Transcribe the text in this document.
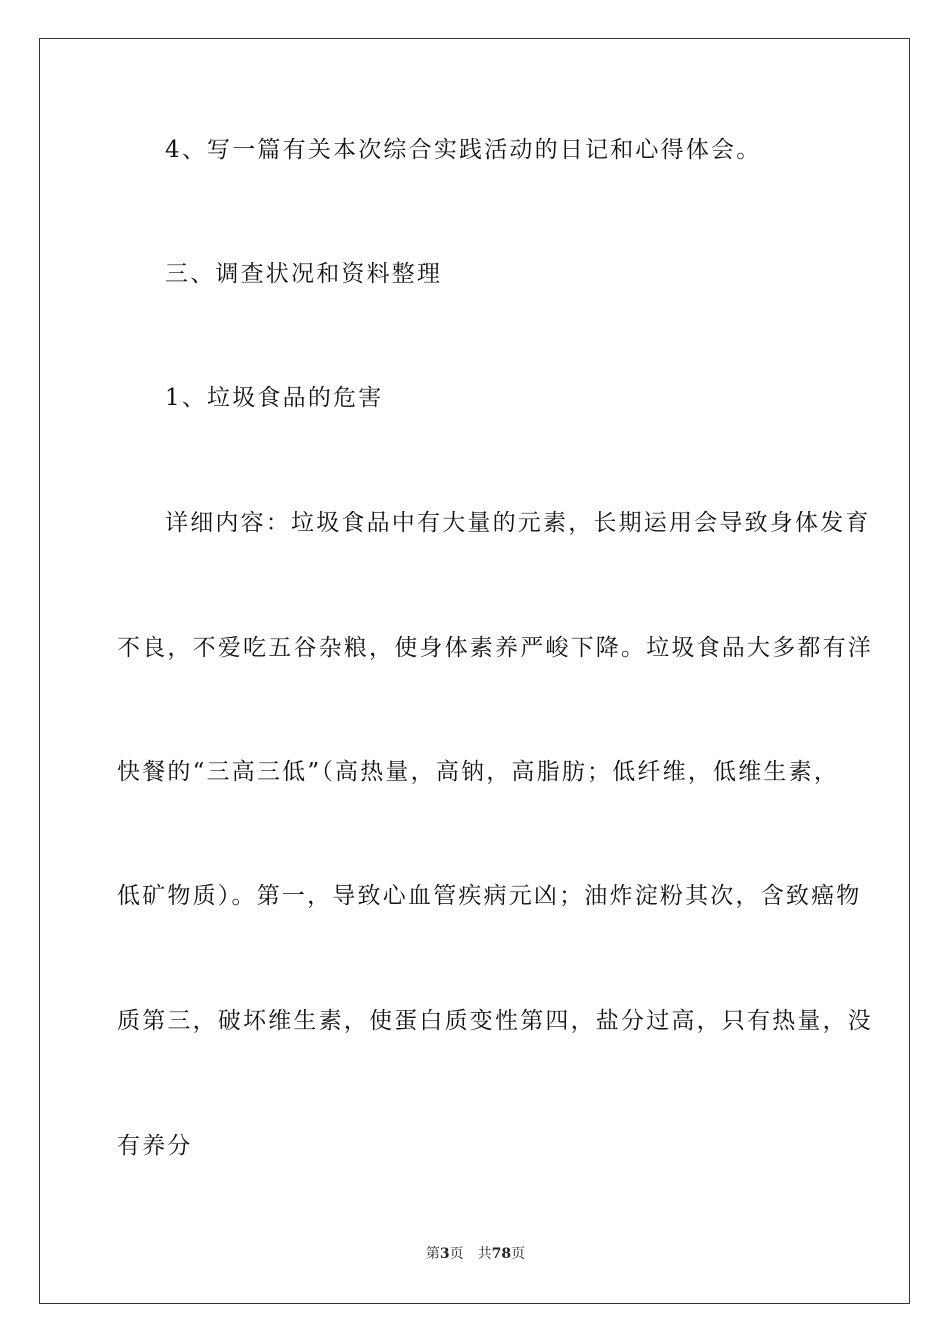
4、写一篇有关本次综合实践活动的日记和心得体会。
三、调查状况和资料整理
1、垃圾食品的危害
详细内容：垃圾食品中有大量的元素，长期运用会导致身体发育
不良，不爱吃五谷杂粮，使身体素养严峻下降。垃圾食品大多都有洋
快餐的“三高三低”（高热量，高钠，高脂肪；低纤维，低维生素，
低矿物质）。第一，导致心血管疾病元凶；油炸淀粉其次，含致癌物
质第三，破坏维生素，使蛋白质变性第四，盐分过高，只有热量，没
有养分
第3页　共78页
